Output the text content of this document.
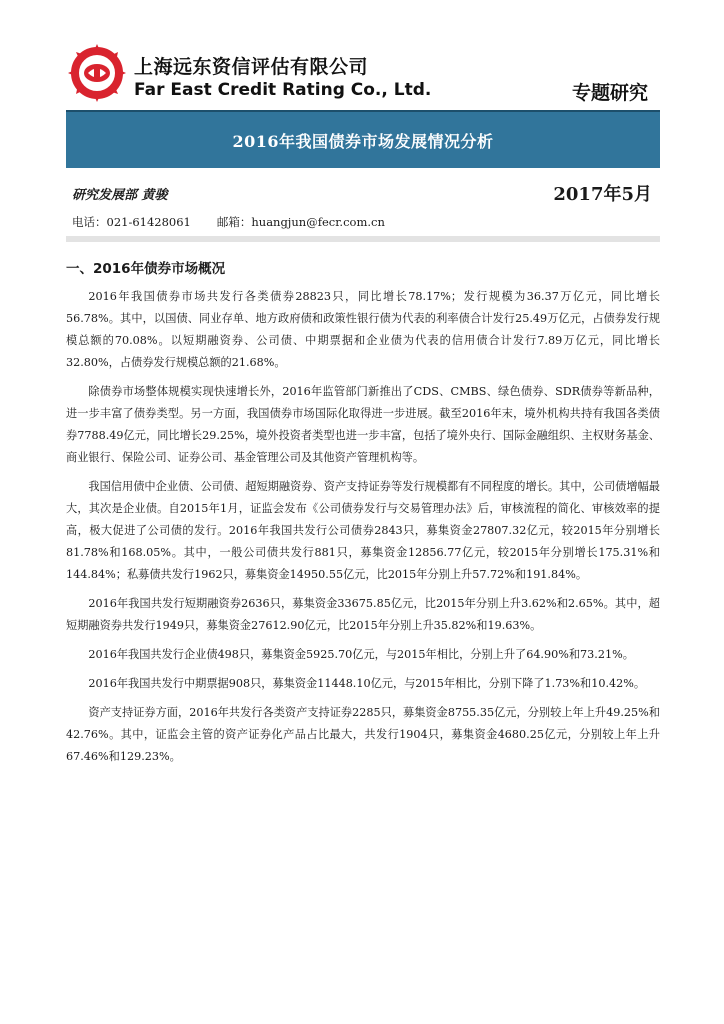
上海远东资信评估有限公司
Far East Credit Rating Co., Ltd.	专题研究
2016年我国债券市场发展情况分析
研究发展部 黄骏	2017年5月
电话：021-61428061 邮箱：huangjun@fecr.com.cn
一、2016年债券市场概况

2016年我国债券市场共发行各类债券28823只，同比增长78.17%；发行规模为36.37万亿元，同比增长56.78%。其中，以国债、同业存单、地方政府债和政策性银行债为代表的利率债合计发行25.49万亿元，占债券发行规模总额的70.08%。以短期融资券、公司债、中期票据和企业债为代表的信用债合计发行7.89万亿元，同比增长32.80%，占债券发行规模总额的21.68%。

除债券市场整体规模实现快速增长外，2016年监管部门新推出了CDS、CMBS、绿色债券、SDR债券等新品种，进一步丰富了债券类型。另一方面，我国债券市场国际化取得进一步进展。截至2016年末，境外机构共持有我国各类债券7788.49亿元，同比增长29.25%，境外投资者类型也进一步丰富，包括了境外央行、国际金融组织、主权财务基金、商业银行、保险公司、证券公司、基金管理公司及其他资产管理机构等。

我国信用债中企业债、公司债、超短期融资券、资产支持证券等发行规模都有不同程度的增长。其中，公司债增幅最大，其次是企业债。自2015年1月，证监会发布《公司债券发行与交易管理办法》后，审核流程的简化、审核效率的提高，极大促进了公司债的发行。2016年我国共发行公司债券2843只，募集资金27807.32亿元，较2015年分别增长81.78%和168.05%。其中，一般公司债共发行881只，募集资金12856.77亿元，较2015年分别增长175.31%和144.84%；私募债共发行1962只，募集资金14950.55亿元，比2015年分别上升57.72%和191.84%。

2016年我国共发行短期融资券2636只，募集资金33675.85亿元，比2015年分别上升3.62%和2.65%。其中，超短期融资券共发行1949只，募集资金27612.90亿元，比2015年分别上升35.82%和19.63%。

2016年我国共发行企业债498只，募集资金5925.70亿元，与2015年相比，分别上升了64.90%和73.21%。

2016年我国共发行中期票据908只，募集资金11448.10亿元，与2015年相比，分别下降了1.73%和10.42%。

资产支持证券方面，2016年共发行各类资产支持证券2285只，募集资金8755.35亿元，分别较上年上升49.25%和42.76%。其中，证监会主管的资产证券化产品占比最大，共发行1904只，募集资金4680.25亿元，分别较上年上升67.46%和129.23%。
